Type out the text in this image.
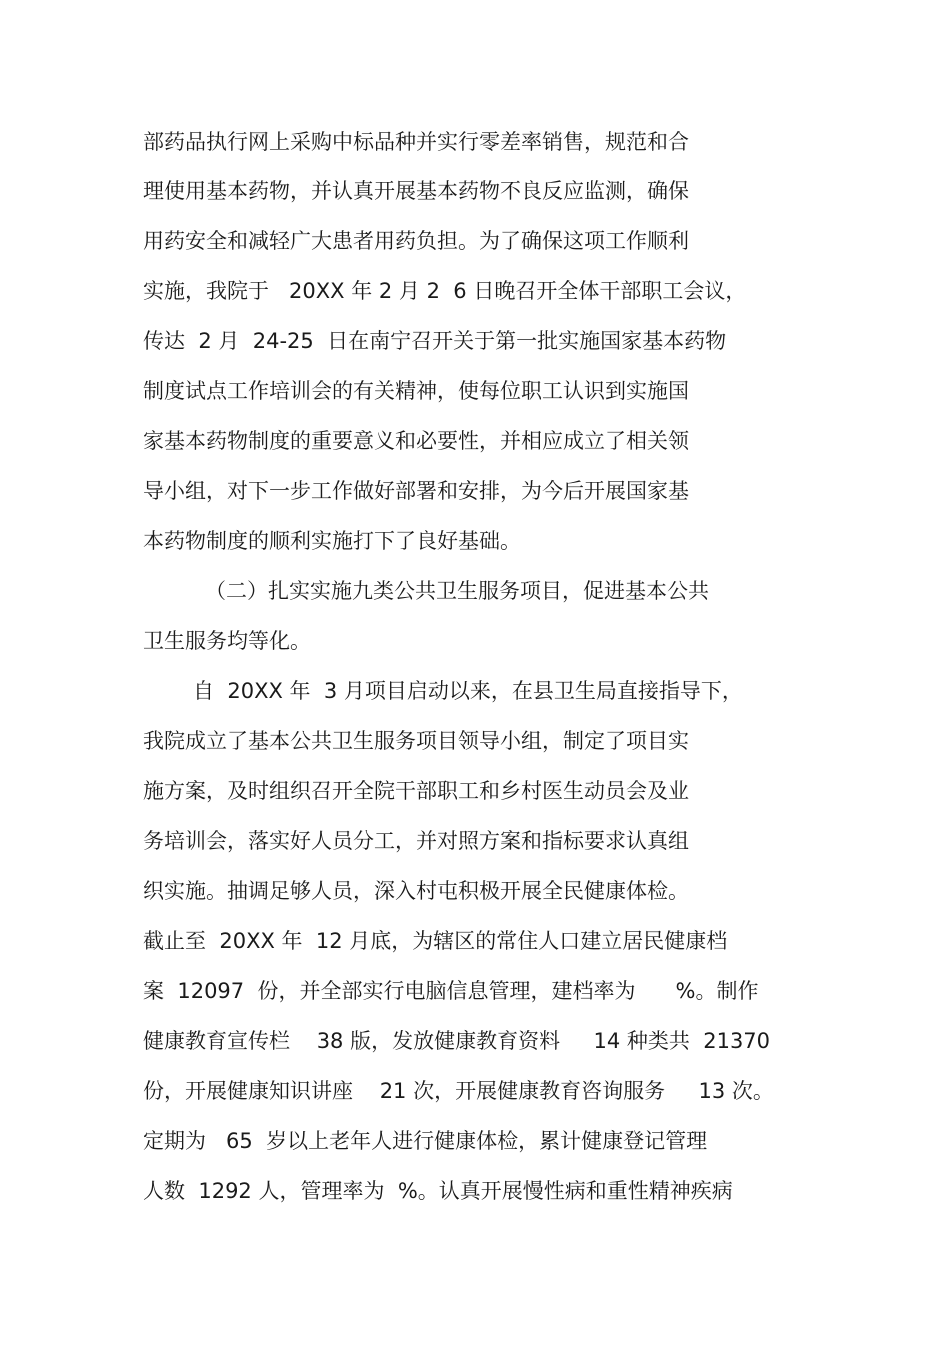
部药品执行网上采购中标品种并实行零差率销售，规范和合
理使用基本药物，并认真开展基本药物不良反应监测，确保
用药安全和减轻广大患者用药负担。为了确保这项工作顺利
实施，我院于   20XX 年 2 月 2  6 日晚召开全体干部职工会议，
传达  2 月  24-25  日在南宁召开关于第一批实施国家基本药物
制度试点工作培训会的有关精神，使每位职工认识到实施国
家基本药物制度的重要意义和必要性，并相应成立了相关领
导小组，对下一步工作做好部署和安排，为今后开展国家基
本药物制度的顺利实施打下了良好基础。
（二）扎实实施九类公共卫生服务项目，促进基本公共
卫生服务均等化。
自  20XX 年  3 月项目启动以来，在县卫生局直接指导下，
我院成立了基本公共卫生服务项目领导小组，制定了项目实
施方案，及时组织召开全院干部职工和乡村医生动员会及业
务培训会，落实好人员分工，并对照方案和指标要求认真组
织实施。抽调足够人员，深入村屯积极开展全民健康体检。
截止至  20XX 年  12 月底，为辖区的常住人口建立居民健康档
案  12097  份，并全部实行电脑信息管理，建档率为      %。制作
健康教育宣传栏    38 版，发放健康教育资料     14 种类共  21370
份，开展健康知识讲座    21 次，开展健康教育咨询服务     13 次。
定期为   65  岁以上老年人进行健康体检，累计健康登记管理
人数  1292 人，管理率为  %。认真开展慢性病和重性精神疾病
